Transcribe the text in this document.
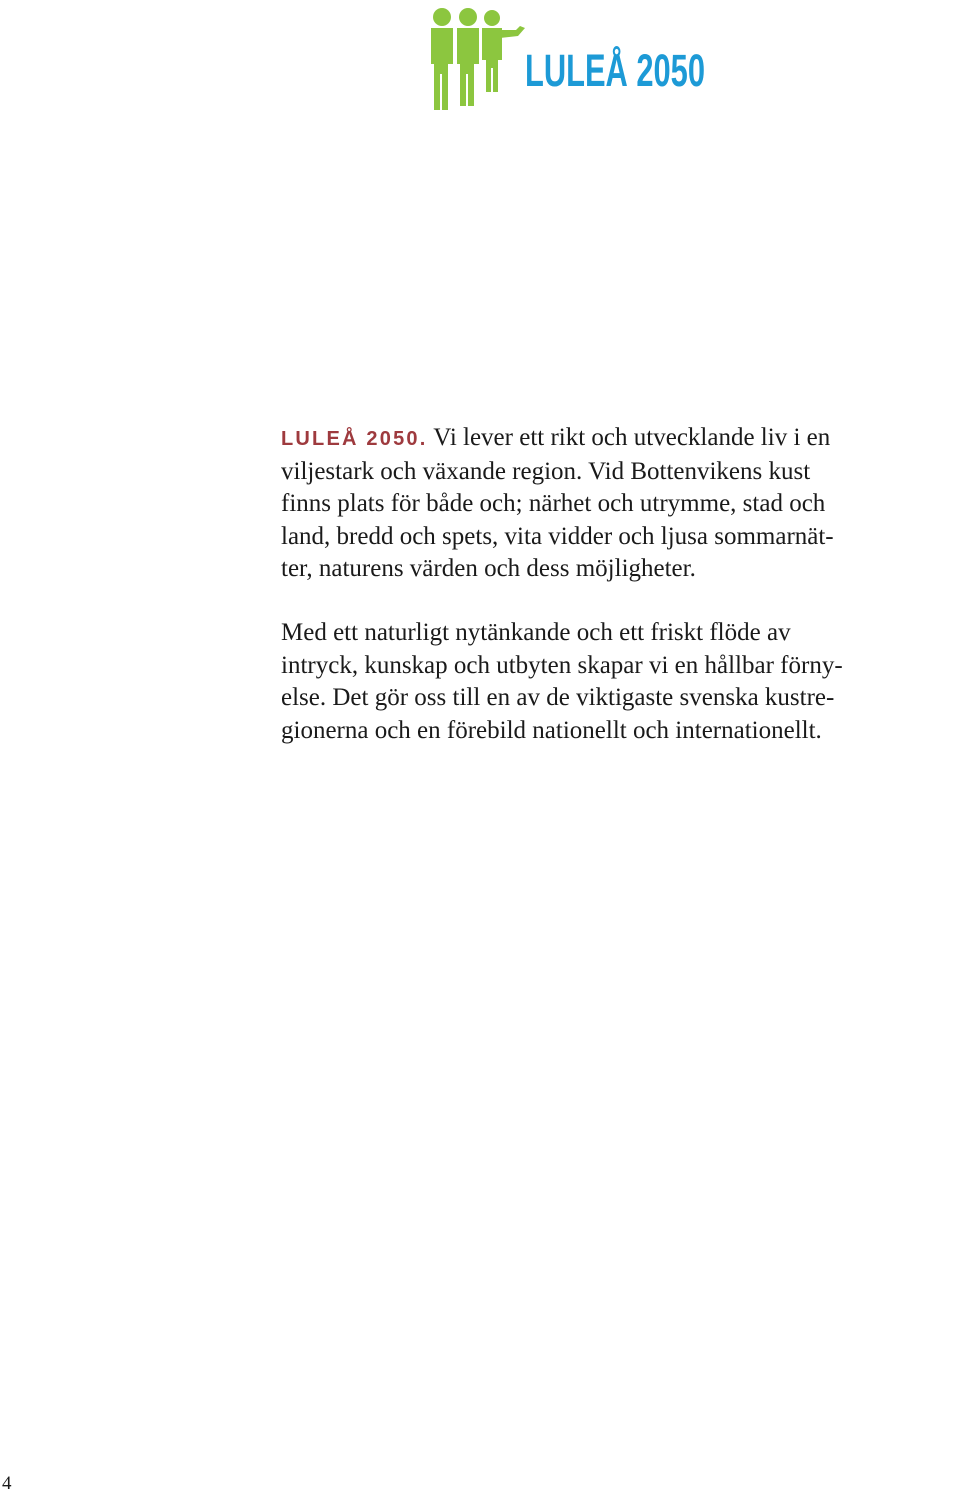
LULEÅ 2050

LULEÅ 2050. Vi lever ett rikt och utvecklande liv i en
viljestark och växande region. Vid Bottenvikens kust
finns plats för både och; närhet och utrymme, stad och
land, bredd och spets, vita vidder och ljusa sommarnät-
ter, naturens värden och dess möjligheter.

Med ett naturligt nytänkande och ett friskt flöde av
intryck, kunskap och utbyten skapar vi en hållbar förny-
else. Det gör oss till en av de viktigaste svenska kustre-
gionerna och en förebild nationellt och internationellt.

4
